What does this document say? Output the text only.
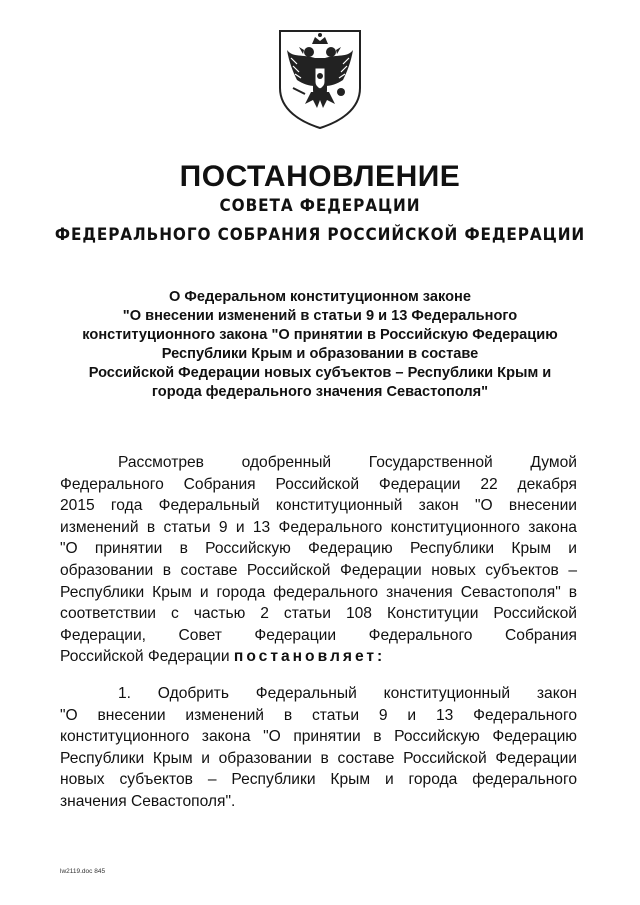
ПОСТАНОВЛЕНИЕ
СОВЕТА ФЕДЕРАЦИИ
ФЕДЕРАЛЬНОГО СОБРАНИЯ РОССИЙСКОЙ ФЕДЕРАЦИИ
О Федеральном конституционном законе
"О внесении изменений в статьи 9 и 13 Федерального
конституционного закона "О принятии в Российскую Федерацию
Республики Крым и образовании в составе
Российской Федерации новых субъектов – Республики Крым и
города федерального значения Севастополя"
Рассмотрев одобренный Государственной Думой
Федерального Собрания Российской Федерации 22 декабря
2015 года Федеральный конституционный закон "О внесении
изменений в статьи 9 и 13 Федерального конституционного закона
"О принятии в Российскую Федерацию Республики Крым и
образовании в составе Российской Федерации новых субъектов –
Республики Крым и города федерального значения Севастополя" в
соответствии с частью 2 статьи 108 Конституции Российской
Федерации, Совет Федерации Федерального Собрания
Российской Федерации постановляет:
1. Одобрить Федеральный конституционный закон
"О внесении изменений в статьи 9 и 13 Федерального
конституционного закона "О принятии в Российскую Федерацию
Республики Крым и образовании в составе Российской Федерации
новых субъектов – Республики Крым и города федерального
значения Севастополя".
lw2119.doc 845
